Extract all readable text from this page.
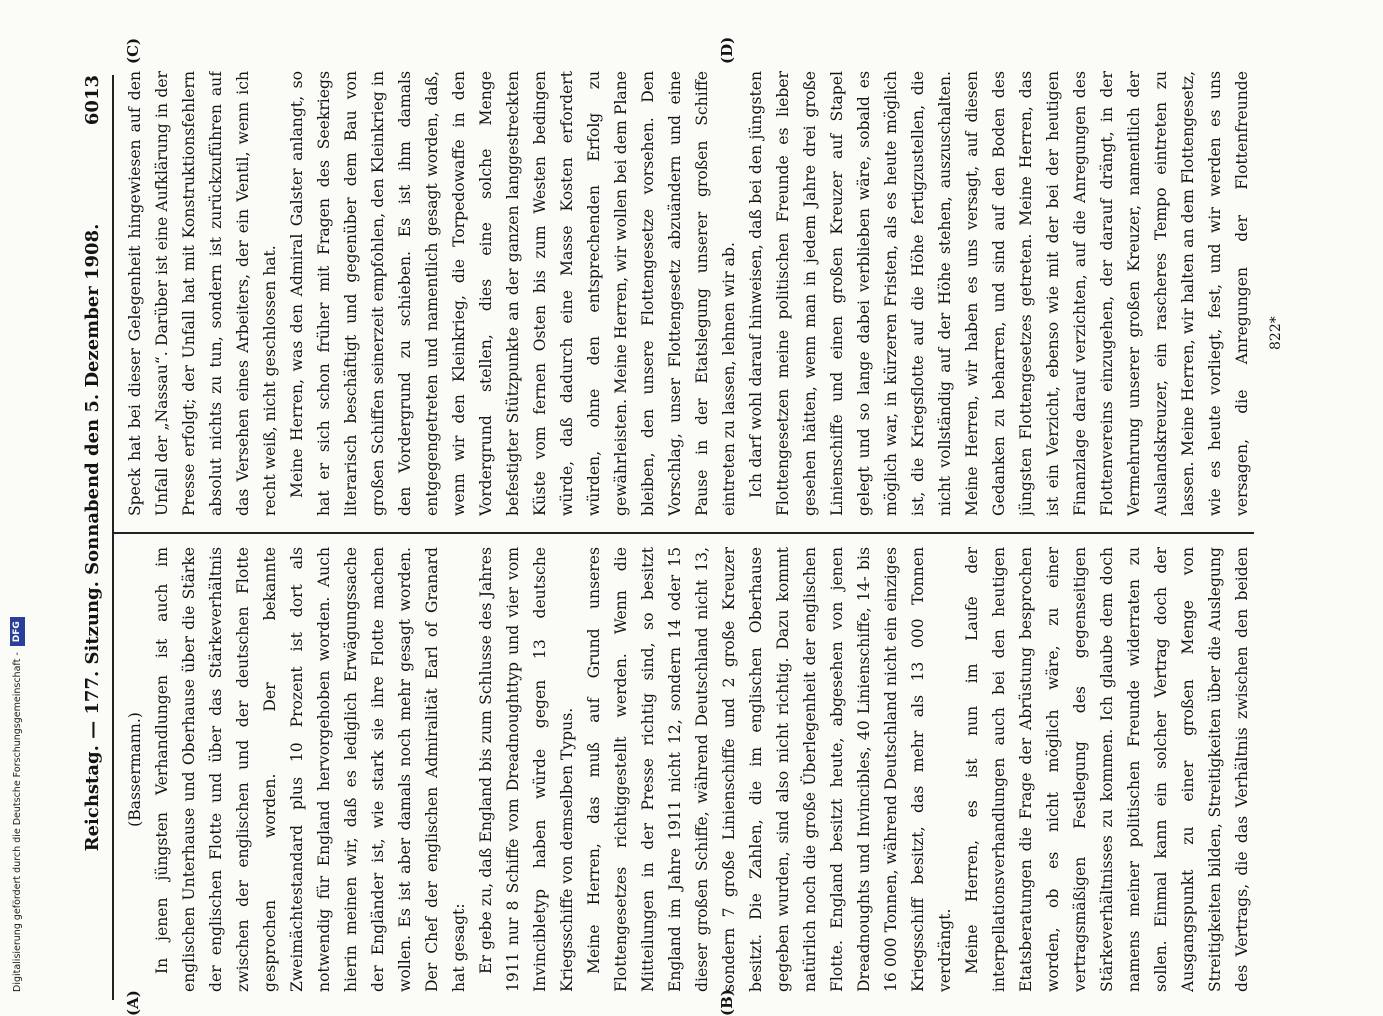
Reichstag. — 177. Sitzung. Sonnabend den 5. Dezember 1908.
6013
(A)	(B)
(C)	(D)

(Bassermann.) In jenen jüngsten Verhandlungen ist auch im englischen Unterhause und Oberhause über die Stärke der englischen Flotte und über das Stärkeverhältnis zwischen der englischen und der deutschen Flotte gesprochen worden. Der bekannte Zweimächtestandard plus 10 Prozent ist dort als notwendig für England hervorgehoben worden. Auch hierin meinen wir, daß es lediglich Erwägungssache der Engländer ist, wie stark sie ihre Flotte machen wollen. Es ist aber damals noch mehr gesagt worden. Der Chef der englischen Admiralität Earl of Granard hat gesagt: Er gebe zu, daß England bis zum Schlusse des Jahres 1911 nur 8 Schiffe vom Dreadnoughttyp und vier vom Invincibletyp haben würde gegen 13 deutsche Kriegsschiffe von demselben Typus. Meine Herren, das muß auf Grund unseres Flottengesetzes richtiggestellt werden. Wenn die Mitteilungen in der Presse richtig sind, so besitzt England im Jahre 1911 nicht 12, sondern 14 oder 15 dieser großen Schiffe, während Deutschland nicht 13, sondern 7 große Linienschiffe und 2 große Kreuzer besitzt. Die Zahlen, die im englischen Oberhause gegeben wurden, sind also nicht richtig. Dazu kommt natürlich noch die große Überlegenheit der englischen Flotte. England besitzt heute, abgesehen von jenen Dreadnoughts und Invincibles, 40 Linienschiffe, 14- bis 16 000 Tonnen, während Deutschland nicht ein einziges Kriegsschiff besitzt, das mehr als 13 000 Tonnen verdrängt. Meine Herren, es ist nun im Laufe der interpellationsverhandlungen auch bei den heutigen Etatsberatungen die Frage der Abrüstung besprochen worden, ob es nicht möglich wäre, zu einer vertragsmäßigen Festlegung des gegenseitigen Stärkeverhältnisses zu kommen. Ich glaube dem doch namens meiner politischen Freunde widerraten zu sollen. Einmal kann ein solcher Vertrag doch der Ausgangspunkt zu einer großen Menge von Streitigkeiten bilden, Streitigkeiten über die Auslegung des Vertrags, die das Verhältnis zwischen den beiden

Speck hat bei dieser Gelegenheit hingewiesen auf den Unfall der „Nassau“. Darüber ist eine Aufklärung in der Presse erfolgt; der Unfall hat mit Konstruktionsfehlern absolut nichts zu tun, sondern ist zurückzuführen auf das Versehen eines Arbeiters, der ein Ventil, wenn ich recht weiß, nicht geschlossen hat. Meine Herren, was den Admiral Galster anlangt, so hat er sich schon früher mit Fragen des Seekriegs literarisch beschäftigt und gegenüber dem Bau von großen Schiffen seinerzeit empfohlen, den Kleinkrieg in den Vordergrund zu schieben. Es ist ihm damals entgegengetreten und namentlich gesagt worden, daß, wenn wir den Kleinkrieg, die Torpedowaffe in den Vordergrund stellen, dies eine solche Menge befestigter Stützpunkte an der ganzen langgestreckten Küste vom fernen Osten bis zum Westen bedingen würde, daß dadurch eine Masse Kosten erfordert würden, ohne den entsprechenden Erfolg zu gewährleisten. Meine Herren, wir wollen bei dem Plane bleiben, den unsere Flottengesetze vorsehen. Den Vorschlag, unser Flottengesetz abzuändern und eine Pause in der Etatslegung unserer großen Schiffe eintreten zu lassen, lehnen wir ab. Ich darf wohl darauf hinweisen, daß bei den jüngsten Flottengesetzen meine politischen Freunde es lieber gesehen hätten, wenn man in jedem Jahre drei große Linienschiffe und einen großen Kreuzer auf Stapel gelegt und so lange dabei verblieben wäre, sobald es möglich war, in kürzeren Fristen, als es heute möglich ist, die Kriegsflotte auf die Höhe fertigzustellen, die nicht vollständig auf der Höhe stehen, auszuschalten. Meine Herren, wir haben es uns versagt, auf diesen Gedanken zu beharren, und sind auf den Boden des jüngsten Flottengesetzes getreten. Meine Herren, das ist ein Verzicht, ebenso wie mit der bei der heutigen Finanzlage darauf verzichten, auf die Anregungen des Flottenvereins einzugehen, der darauf drängt, in der Vermehrung unserer großen Kreuzer, namentlich der Auslandskreuzer, ein rascheres Tempo eintreten zu lassen. Meine Herren, wir halten an dem Flottengesetz, wie es heute vorliegt, fest, und wir werden es uns versagen, die Anregungen der Flottenfreunde

822*
Digitalisierung gefördert durch die Deutsche Forschungsgemeinschaft -
DFG
